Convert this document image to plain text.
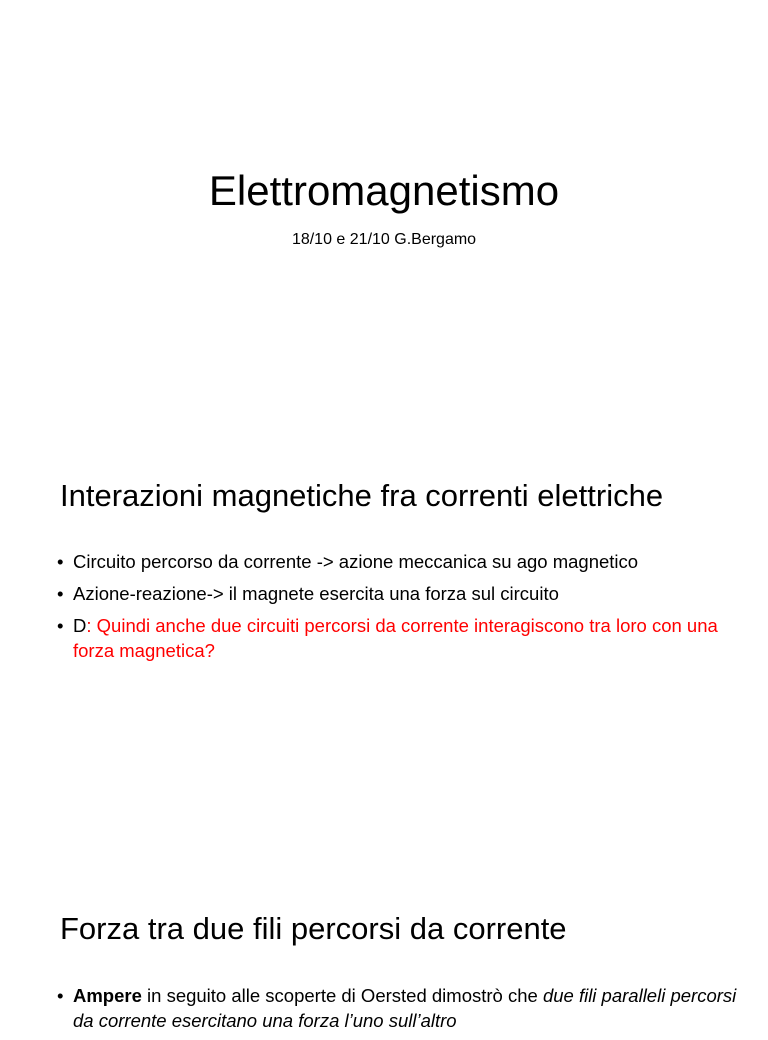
Elettromagnetismo
18/10 e 21/10 G.Bergamo
Interazioni magnetiche fra correnti elettriche
• Circuito percorso da corrente -> azione meccanica su ago magnetico
• Azione-reazione-> il magnete esercita una forza sul circuito
• D: Quindi anche due circuiti percorsi da corrente interagiscono tra loro con una forza magnetica?
Forza tra due fili percorsi da corrente
• Ampere in seguito alle scoperte di Oersted dimostrò che due fili paralleli percorsi da corrente esercitano una forza l’uno sull’altro
